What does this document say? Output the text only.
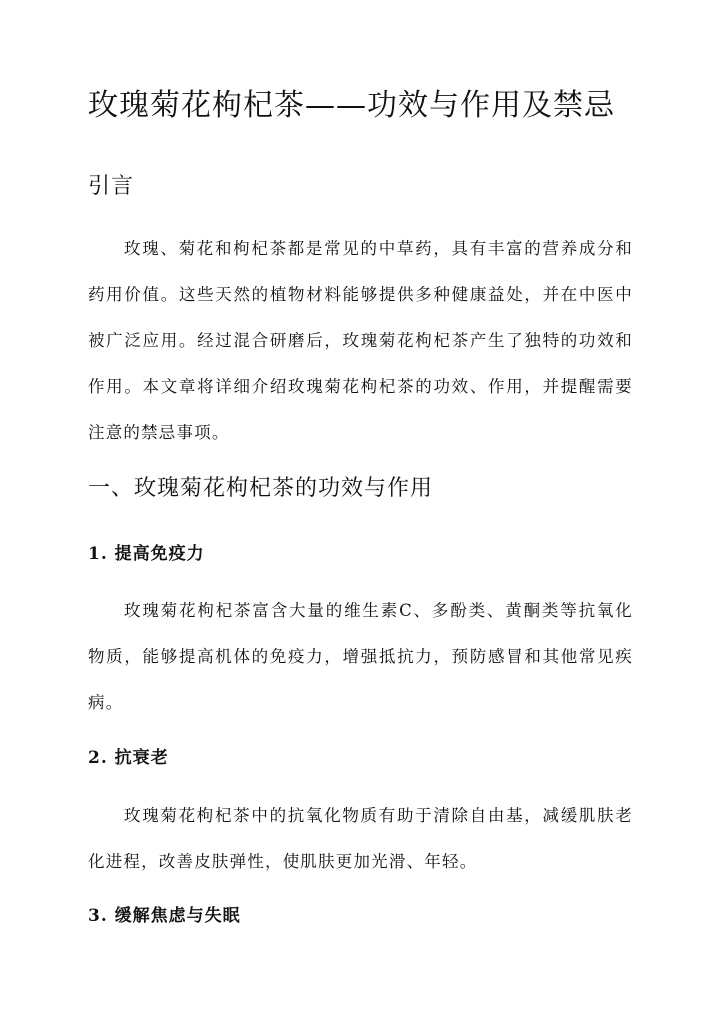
玫瑰菊花枸杞茶——功效与作用及禁忌
引言

玫瑰、菊花和枸杞茶都是常见的中草药，具有丰富的营养成分和药用价值。这些天然的植物材料能够提供多种健康益处，并在中医中被广泛应用。经过混合研磨后，玫瑰菊花枸杞茶产生了独特的功效和作用。本文章将详细介绍玫瑰菊花枸杞茶的功效、作用，并提醒需要注意的禁忌事项。

一、玫瑰菊花枸杞茶的功效与作用
1. 提高免疫力

玫瑰菊花枸杞茶富含大量的维生素C、多酚类、黄酮类等抗氧化物质，能够提高机体的免疫力，增强抵抗力，预防感冒和其他常见疾病。

2. 抗衰老

玫瑰菊花枸杞茶中的抗氧化物质有助于清除自由基，减缓肌肤老化进程，改善皮肤弹性，使肌肤更加光滑、年轻。

3. 缓解焦虑与失眠
